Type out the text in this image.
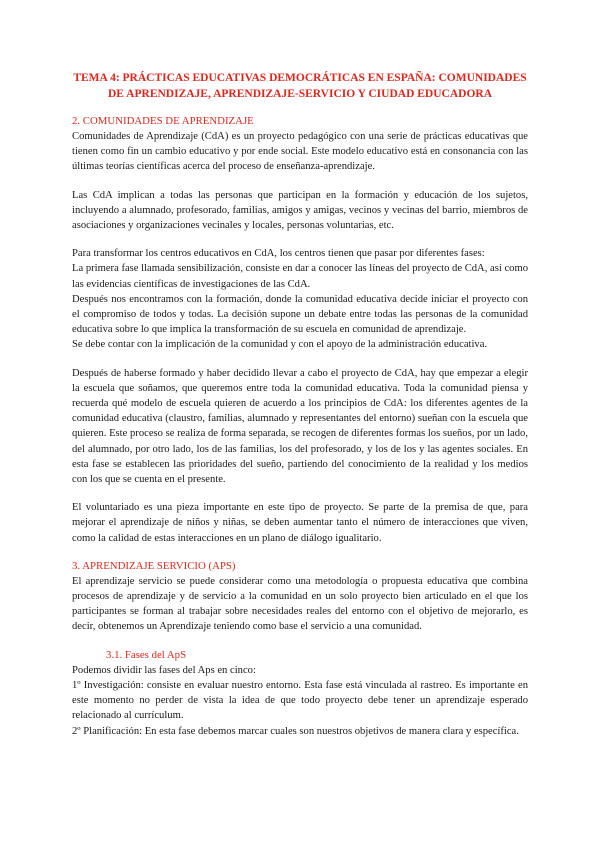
TEMA 4: PRÁCTICAS EDUCATIVAS DEMOCRÁTICAS EN ESPAÑA: COMUNIDADES
DE APRENDIZAJE, APRENDIZAJE-SERVICIO Y CIUDAD EDUCADORA
2. COMUNIDADES DE APRENDIZAJE

Comunidades de Aprendizaje (CdA) es un proyecto pedagógico con una serie de prácticas educativas que tienen como fin un cambio educativo y por ende social. Este modelo educativo está en consonancia con las últimas teorías científicas acerca del proceso de enseñanza-aprendizaje.

Las CdA implican a todas las personas que participan en la formación y educación de los sujetos, incluyendo a alumnado, profesorado, familias, amigos y amigas, vecinos y vecinas del barrio, miembros de asociaciones y organizaciones vecinales y locales, personas voluntarias, etc.

Para transformar los centros educativos en CdA, los centros tienen que pasar por diferentes fases:

La primera fase llamada sensibilización, consiste en dar a conocer las líneas del proyecto de CdA, así como las evidencias científicas de investigaciones de las CdA.

Después nos encontramos con la formación, donde la comunidad educativa decide iniciar el proyecto con el compromiso de todos y todas. La decisión supone un debate entre todas las personas de la comunidad educativa sobre lo que implica la transformación de su escuela en comunidad de aprendizaje.

Se debe contar con la implicación de la comunidad y con el apoyo de la administración educativa.

Después de haberse formado y haber decidido llevar a cabo el proyecto de CdA, hay que empezar a elegir la escuela que soñamos, que queremos entre toda la comunidad educativa. Toda la comunidad piensa y recuerda qué modelo de escuela quieren de acuerdo a los principios de CdA: los diferentes agentes de la comunidad educativa (claustro, familias, alumnado y representantes del entorno) sueñan con la escuela que quieren. Este proceso se realiza de forma separada, se recogen de diferentes formas los sueños, por un lado, del alumnado, por otro lado, los de las familias, los del profesorado, y los de los y las agentes sociales. En esta fase se establecen las prioridades del sueño, partiendo del conocimiento de la realidad y los medios con los que se cuenta en el presente.

El voluntariado es una pieza importante en este tipo de proyecto. Se parte de la premisa de que, para mejorar el aprendizaje de niños y niñas, se deben aumentar tanto el número de interacciones que viven, como la calidad de estas interacciones en un plano de diálogo igualitario.

3. APRENDIZAJE SERVICIO (APS)

El aprendizaje servicio se puede considerar como una metodología o propuesta educativa que combina procesos de aprendizaje y de servicio a la comunidad en un solo proyecto bien articulado en el que los participantes se forman al trabajar sobre necesidades reales del entorno con el objetivo de mejorarlo, es decir, obtenemos un Aprendizaje teniendo como base el servicio a una comunidad.

3.1. Fases del ApS

Podemos dividir las fases del Aps en cinco:

1º Investigación: consiste en evaluar nuestro entorno. Esta fase está vinculada al rastreo. Es importante en este momento no perder de vista la idea de que todo proyecto debe tener un aprendizaje esperado relacionado al currículum.

2º Planificación: En esta fase debemos marcar cuales son nuestros objetivos de manera clara y específica.
